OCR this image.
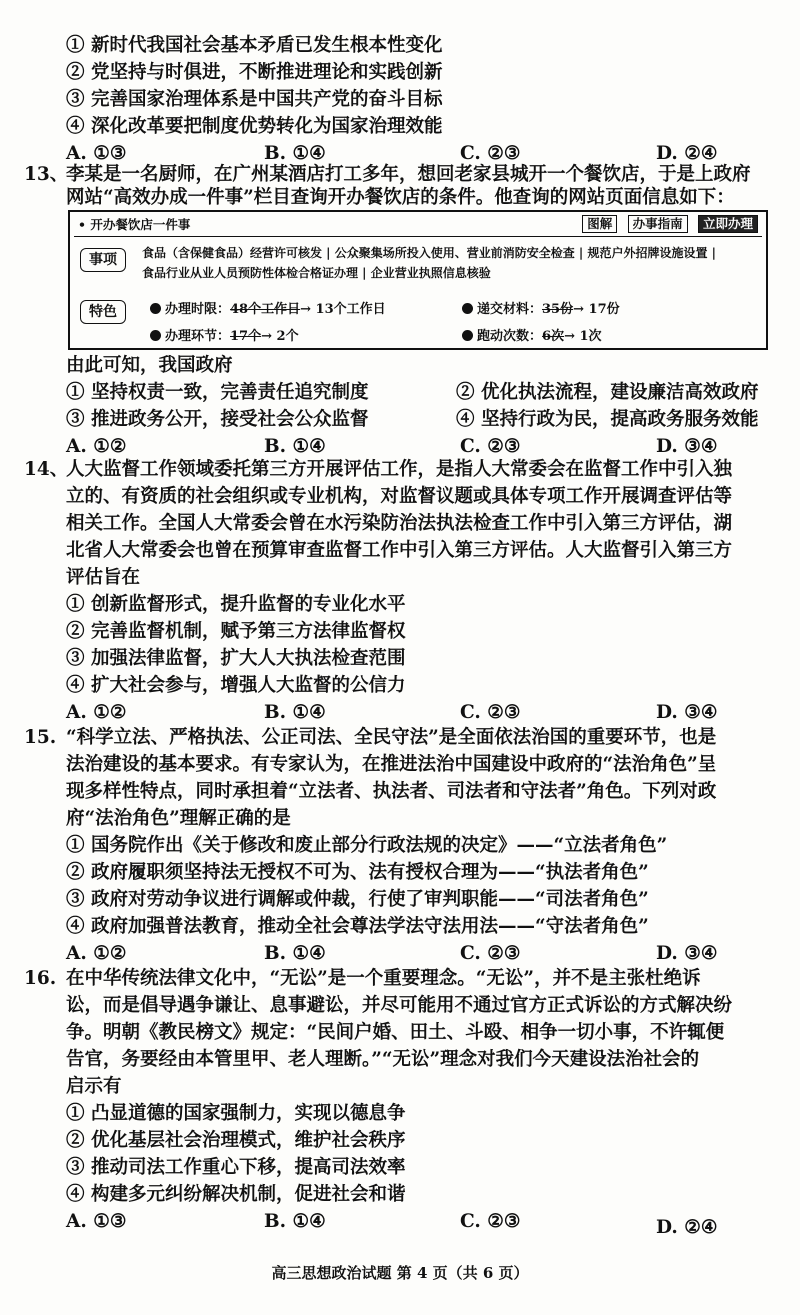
① 新时代我国社会基本矛盾已发生根本性变化
② 党坚持与时俱进，不断推进理论和实践创新
③ 完善国家治理体系是中国共产党的奋斗目标
④ 深化改革要把制度优势转化为国家治理效能
A. ①③	B. ①④	C. ②③	D. ②④
13、
李某是一名厨师，在广州某酒店打工多年，想回老家县城开一个餐饮店，于是上政府
网站“高效办成一件事”栏目查询开办餐饮店的条件。他查询的网站页面信息如下：
• 开办餐饮店一件事	图解 办事指南 立即办理
事项	食品（含保健食品）经营许可核发 | 公众聚集场所投入使用、营业前消防安全检查 | 规范户外招牌设施设置 |
食品行业从业人员预防性体检合格证办理 | 企业营业执照信息核验
特色	办理时限：48个工作日→ 13个工作日	递交材料：35份→ 17份
办理环节：17个→ 2个	跑动次数：6次→ 1次
由此可知，我国政府
① 坚持权责一致，完善责任追究制度	② 优化执法流程，建设廉洁高效政府
③ 推进政务公开，接受社会公众监督	④ 坚持行政为民，提高政务服务效能
A. ①②	B. ①④	C. ②③	D. ③④
14、
人大监督工作领域委托第三方开展评估工作，是指人大常委会在监督工作中引入独
立的、有资质的社会组织或专业机构，对监督议题或具体专项工作开展调查评估等
相关工作。全国人大常委会曾在水污染防治法执法检查工作中引入第三方评估，湖
北省人大常委会也曾在预算审查监督工作中引入第三方评估。人大监督引入第三方
评估旨在
① 创新监督形式，提升监督的专业化水平
② 完善监督机制，赋予第三方法律监督权
③ 加强法律监督，扩大人大执法检查范围
④ 扩大社会参与，增强人大监督的公信力
A. ①②	B. ①④	C. ②③	D. ③④
15. “科学立法、严格执法、公正司法、全民守法”是全面依法治国的重要环节，也是
法治建设的基本要求。有专家认为，在推进法治中国建设中政府的“法治角色”呈
现多样性特点，同时承担着“立法者、执法者、司法者和守法者”角色。下列对政
府“法治角色”理解正确的是
① 国务院作出《关于修改和废止部分行政法规的决定》——“立法者角色”
② 政府履职须坚持法无授权不可为、法有授权合理为——“执法者角色”
③ 政府对劳动争议进行调解或仲裁，行使了审判职能——“司法者角色”
④ 政府加强普法教育，推动全社会尊法学法守法用法——“守法者角色”
A. ①②	B. ①④	C. ②③	D. ③④
16. 在中华传统法律文化中，“无讼”是一个重要理念。“无讼”，并不是主张杜绝诉
讼，而是倡导遇争谦让、息事避讼，并尽可能用不通过官方正式诉讼的方式解决纷
争。明朝《教民榜文》规定：“民间户婚、田土、斗殴、相争一切小事，不许辄便
告官，务要经由本管里甲、老人理断。”“无讼”理念对我们今天建设法治社会的
启示有
① 凸显道德的国家强制力，实现以德息争
② 优化基层社会治理模式，维护社会秩序
③ 推动司法工作重心下移，提高司法效率
④ 构建多元纠纷解决机制，促进社会和谐
A. ①③	B. ①④	C. ②③	D. ②④
高三思想政治试题 第 4 页（共 6 页）
